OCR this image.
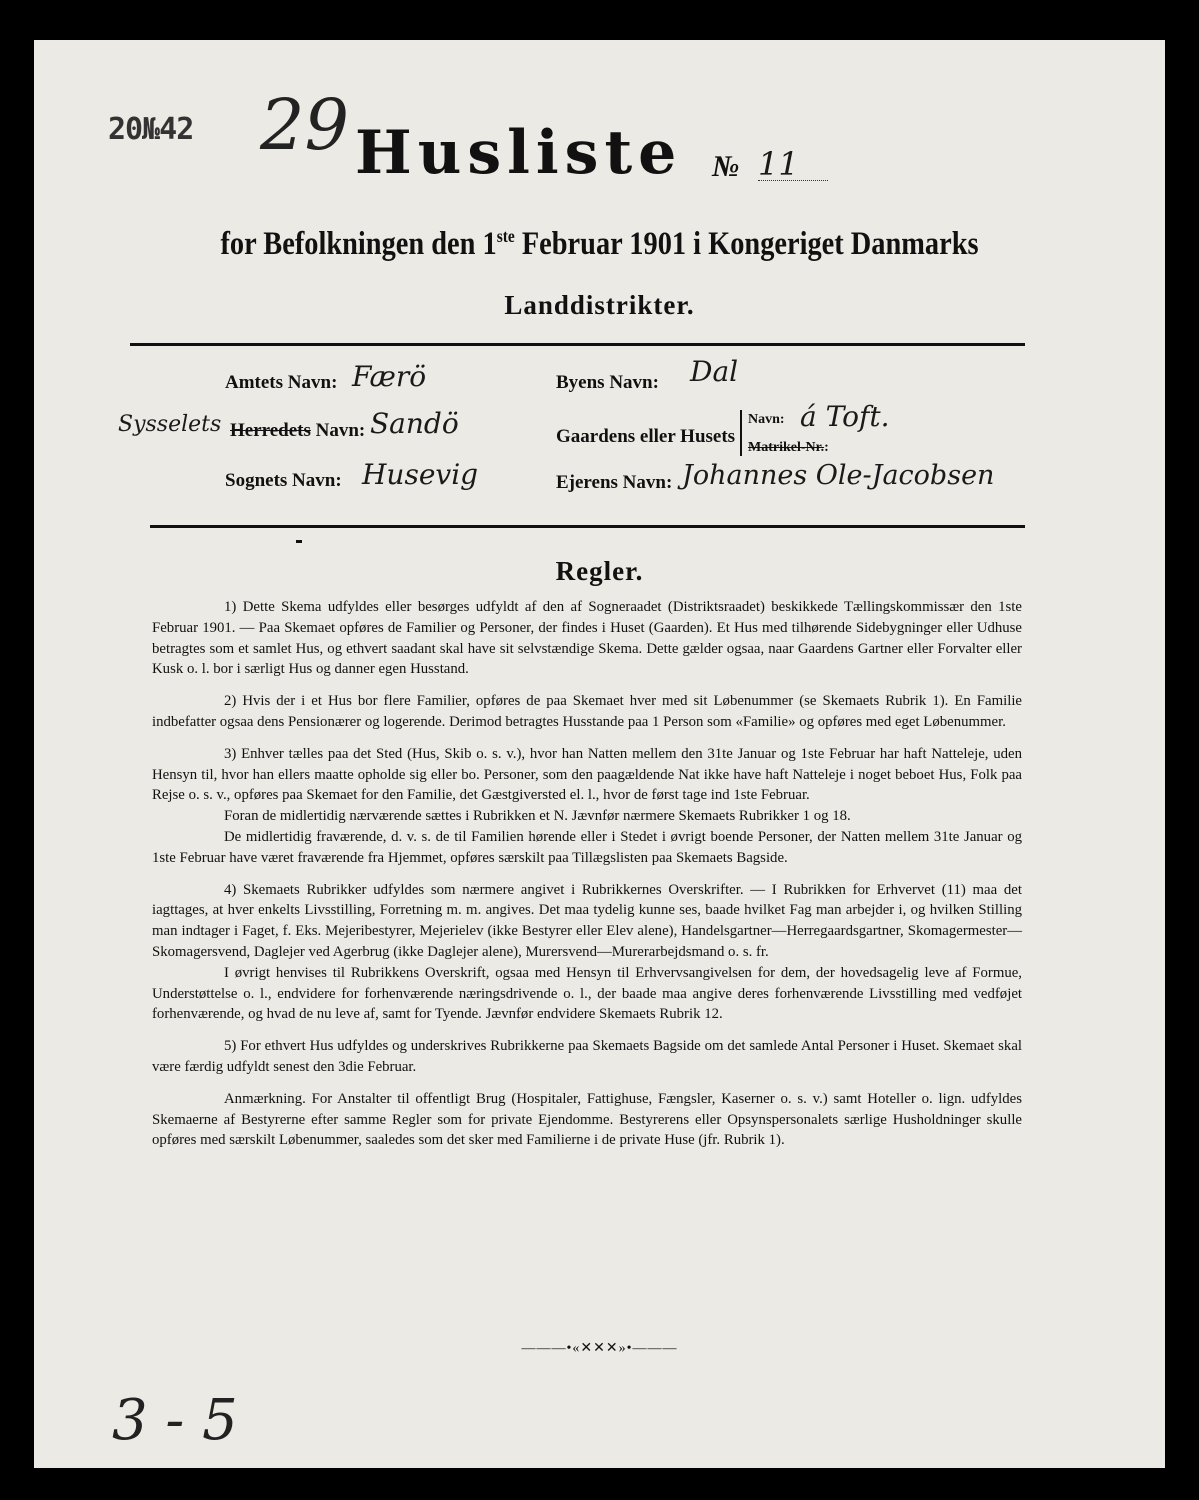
20№42 29 Husliste № 11
for Befolkningen den 1ste Februar 1901 i Kongeriget Danmarks
Landdistrikter.
Amtets Navn: Færö
Sysselets Herredets Navn: Sandö
Sognets Navn: Husevig
Byens Navn: Dal
Gaardens eller Husets
Navn: á Toft.
Matrikel-Nr.:
Ejerens Navn: Johannes Ole-Jacobsen
Regler.

1) Dette Skema udfyldes eller besørges udfyldt af den af Sogneraadet (Distriktsraadet) beskikkede Tællingskommissær den 1ste Februar 1901. — Paa Skemaet opføres de Familier og Personer, der findes i Huset (Gaarden). Et Hus med tilhørende Sidebygninger eller Udhuse betragtes som et samlet Hus, og ethvert saadant skal have sit selvstændige Skema. Dette gælder ogsaa, naar Gaardens Gartner eller Forvalter eller Kusk o. l. bor i særligt Hus og danner egen Husstand.

2) Hvis der i et Hus bor flere Familier, opføres de paa Skemaet hver med sit Løbenummer (se Skemaets Rubrik 1). En Familie indbefatter ogsaa dens Pensionærer og logerende. Derimod betragtes Husstande paa 1 Person som «Familie» og opføres med eget Løbenummer.

3) Enhver tælles paa det Sted (Hus, Skib o. s. v.), hvor han Natten mellem den 31te Januar og 1ste Februar har haft Natteleje, uden Hensyn til, hvor han ellers maatte opholde sig eller bo. Personer, som den paagældende Nat ikke have haft Natteleje i noget beboet Hus, Folk paa Rejse o. s. v., opføres paa Skemaet for den Familie, det Gæstgiversted el. l., hvor de først tage ind 1ste Februar.

Foran de midlertidig nærværende sættes i Rubrikken et N. Jævnfør nærmere Skemaets Rubrikker 1 og 18.

De midlertidig fraværende, d. v. s. de til Familien hørende eller i Stedet i øvrigt boende Personer, der Natten mellem 31te Januar og 1ste Februar have været fraværende fra Hjemmet, opføres særskilt paa Tillægslisten paa Skemaets Bagside.

4) Skemaets Rubrikker udfyldes som nærmere angivet i Rubrikkernes Overskrifter. — I Rubrikken for Erhvervet (11) maa det iagttages, at hver enkelts Livsstilling, Forretning m. m. angives. Det maa tydelig kunne ses, baade hvilket Fag man arbejder i, og hvilken Stilling man indtager i Faget, f. Eks. Mejeribestyrer, Mejerielev (ikke Bestyrer eller Elev alene), Handelsgartner—Herregaardsgartner, Skomagermester—Skomagersvend, Daglejer ved Agerbrug (ikke Daglejer alene), Murersvend—Murerarbejdsmand o. s. fr.

I øvrigt henvises til Rubrikkens Overskrift, ogsaa med Hensyn til Erhvervsangivelsen for dem, der hovedsagelig leve af Formue, Understøttelse o. l., endvidere for forhenværende næringsdrivende o. l., der baade maa angive deres forhenværende Livsstilling med vedføjet forhenværende, og hvad de nu leve af, samt for Tyende. Jævnfør endvidere Skemaets Rubrik 12.

5) For ethvert Hus udfyldes og underskrives Rubrikkerne paa Skemaets Bagside om det samlede Antal Personer i Huset. Skemaet skal være færdig udfyldt senest den 3die Februar.

Anmærkning. For Anstalter til offentligt Brug (Hospitaler, Fattighuse, Fængsler, Kaserner o. s. v.) samt Hoteller o. lign. udfyldes Skemaerne af Bestyrerne efter samme Regler som for private Ejendomme. Bestyrerens eller Opsynspersonalets særlige Husholdninger skulle opføres med særskilt Løbenummer, saaledes som det sker med Familierne i de private Huse (jfr. Rubrik 1).

———•«✕✕✕»•———
3 - 5
